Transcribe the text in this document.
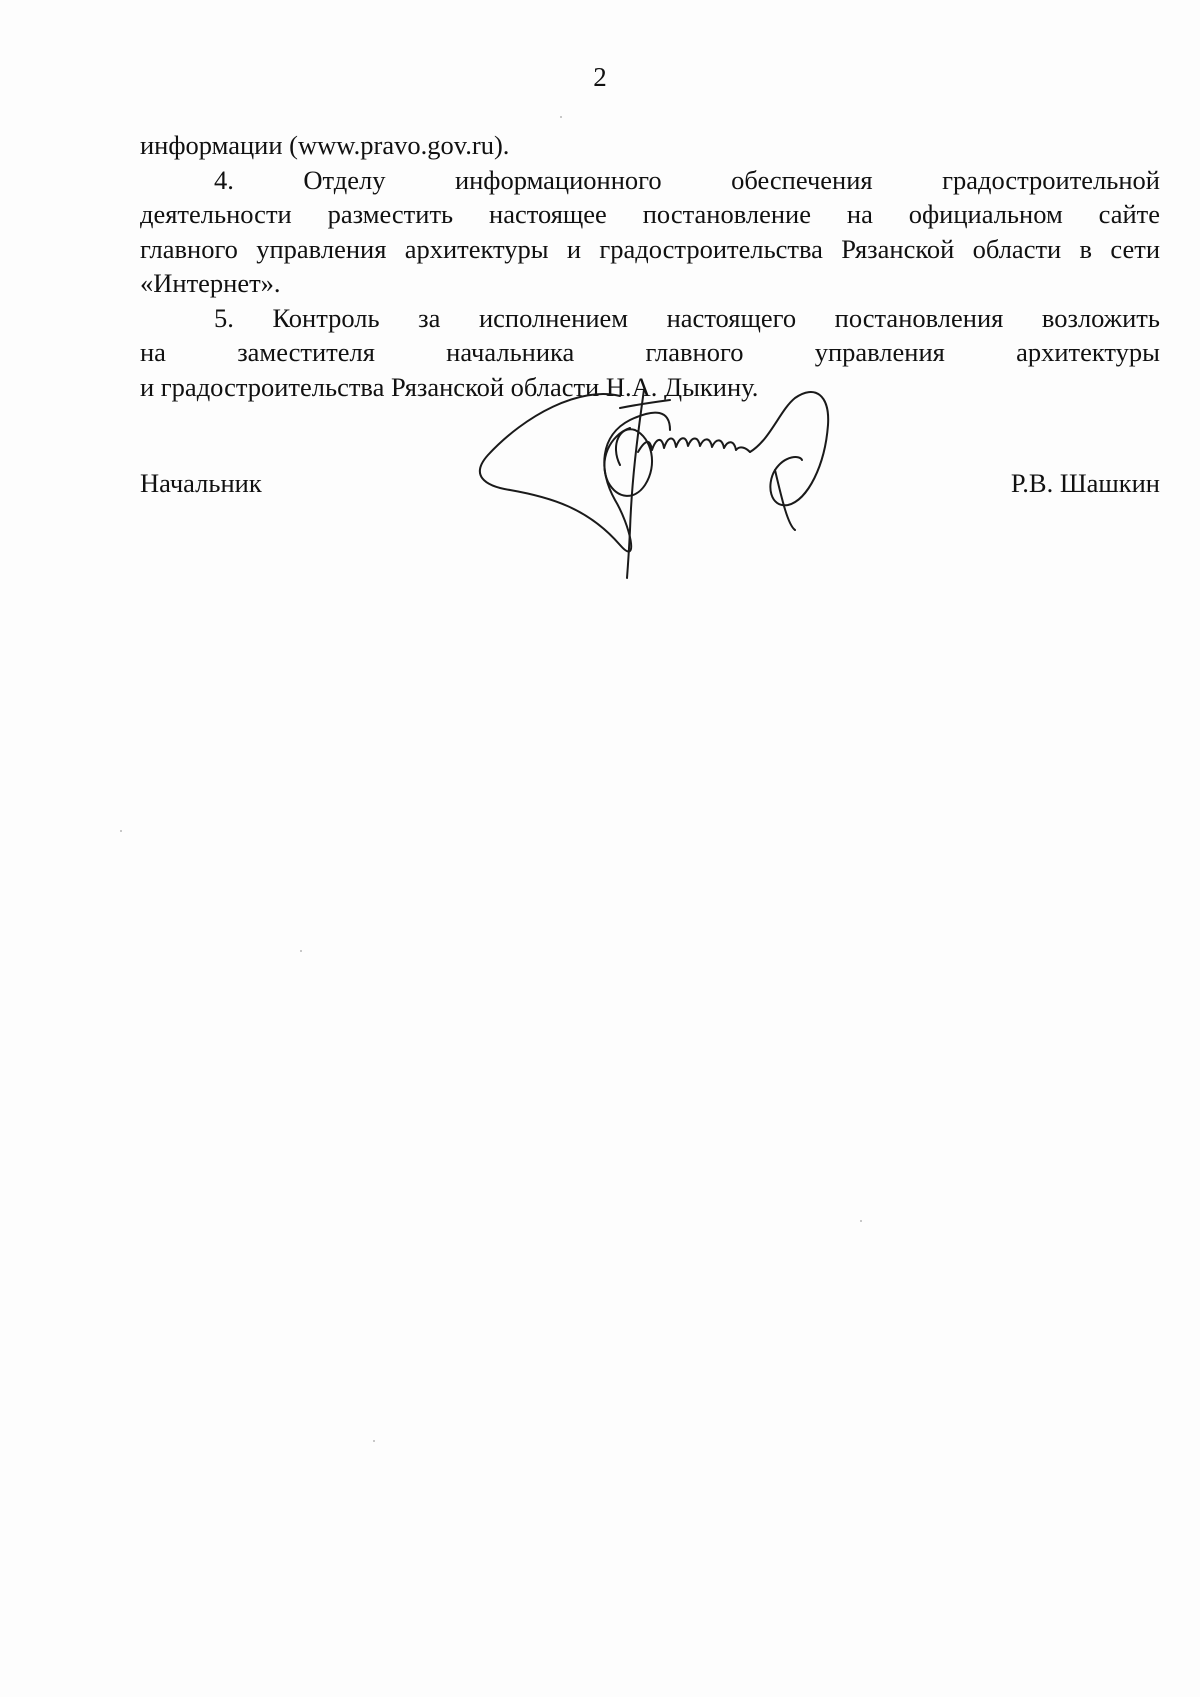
2
информации (www.pravo.gov.ru).
4.	Отделу	информационного	обеспечения	градостроительной
деятельности разместить настоящее постановление на официальном сайте
главного управления архитектуры и градостроительства Рязанской области в сети
«Интернет».
5. Контроль за исполнением настоящего постановления возложить
на	заместителя	начальника	главного	управления	архитектуры
и градостроительства Рязанской области Н.А. Дыкину.
Начальник	Р.В. Шашкин
